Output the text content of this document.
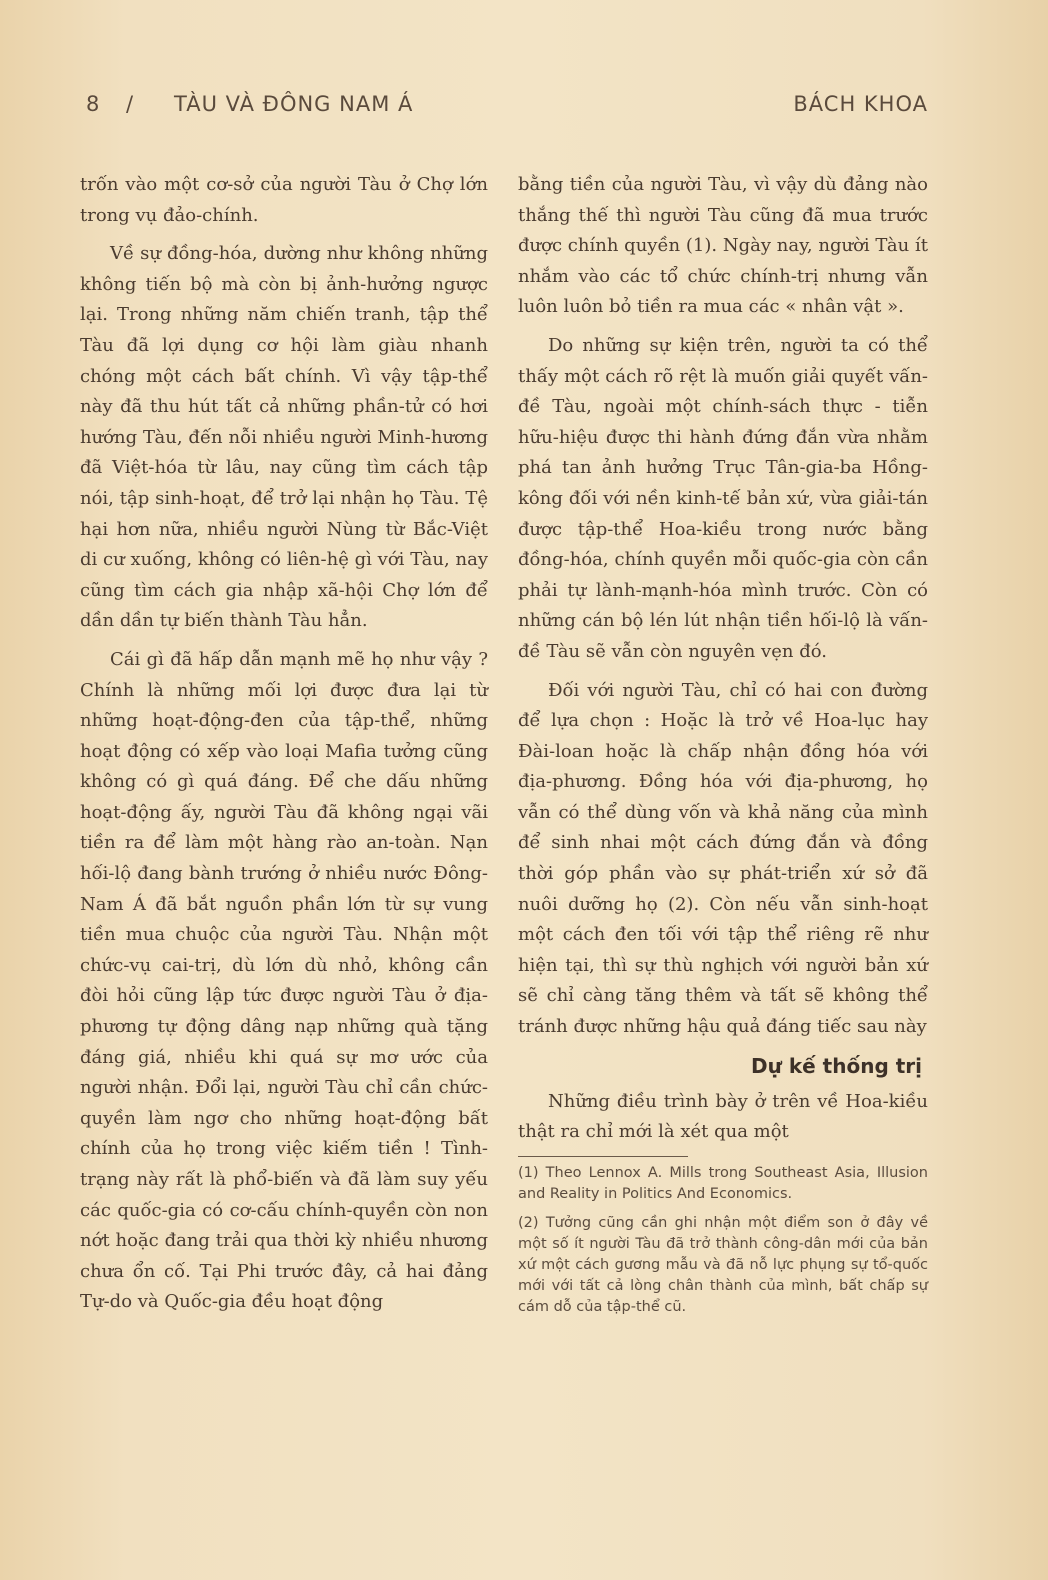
8 / TÀU VÀ ĐÔNG NAM Á	BÁCH KHOA

trốn vào một cơ-sở của người Tàu ở Chợ lớn trong vụ đảo-chính.

Về sự đồng-hóa, dường như không những không tiến bộ mà còn bị ảnh-hưởng ngược lại. Trong những năm chiến tranh, tập thể Tàu đã lợi dụng cơ hội làm giàu nhanh chóng một cách bất chính. Vì vậy tập-thể này đã thu hút tất cả những phần-tử có hơi hướng Tàu, đến nỗi nhiều người Minh-hương đã Việt-hóa từ lâu, nay cũng tìm cách tập nói, tập sinh-hoạt, để trở lại nhận họ Tàu. Tệ hại hơn nữa, nhiều người Nùng từ Bắc-Việt di cư xuống, không có liên-hệ gì với Tàu, nay cũng tìm cách gia nhập xã-hội Chợ lớn để dần dần tự biến thành Tàu hẳn.

Cái gì đã hấp dẫn mạnh mẽ họ như vậy ? Chính là những mối lợi được đưa lại từ những hoạt-động-đen của tập-thể, những hoạt động có xếp vào loại Mafia tưởng cũng không có gì quá đáng. Để che dấu những hoạt-động ấy, người Tàu đã không ngại vãi tiền ra để làm một hàng rào an-toàn. Nạn hối-lộ đang bành trướng ở nhiều nước Đông-Nam Á đã bắt nguồn phần lớn từ sự vung tiền mua chuộc của người Tàu. Nhận một chức-vụ cai-trị, dù lớn dù nhỏ, không cần đòi hỏi cũng lập tức được người Tàu ở địa-phương tự động dâng nạp những quà tặng đáng giá, nhiều khi quá sự mơ ước của người nhận. Đổi lại, người Tàu chỉ cần chức-quyền làm ngơ cho những hoạt-động bất chính của họ trong việc kiếm tiền ! Tình-trạng này rất là phổ-biến và đã làm suy yếu các quốc-gia có cơ-cấu chính-quyền còn non nớt hoặc đang trải qua thời kỳ nhiều nhương chưa ổn cố. Tại Phi trước đây, cả hai đảng Tự-do và Quốc-gia đều hoạt động

bằng tiền của người Tàu, vì vậy dù đảng nào thắng thế thì người Tàu cũng đã mua trước được chính quyền (1). Ngày nay, người Tàu ít nhắm vào các tổ chức chính-trị nhưng vẫn luôn luôn bỏ tiền ra mua các « nhân vật ».

Do những sự kiện trên, người ta có thể thấy một cách rõ rệt là muốn giải quyết vấn-đề Tàu, ngoài một chính-sách thực - tiễn hữu-hiệu được thi hành đứng đắn vừa nhằm phá tan ảnh hưởng Trục Tân-gia-ba Hồng-kông đối với nền kinh-tế bản xứ, vừa giải-tán được tập-thể Hoa-kiều trong nước bằng đồng-hóa, chính quyền mỗi quốc-gia còn cần phải tự lành-mạnh-hóa mình trước. Còn có những cán bộ lén lút nhận tiền hối-lộ là vấn-đề Tàu sẽ vẫn còn nguyên vẹn đó.

Đối với người Tàu, chỉ có hai con đường để lựa chọn : Hoặc là trở về Hoa-lục hay Đài-loan hoặc là chấp nhận đồng hóa với địa-phương. Đồng hóa với địa-phương, họ vẫn có thể dùng vốn và khả năng của mình để sinh nhai một cách đứng đắn và đồng thời góp phần vào sự phát-triển xứ sở đã nuôi dưỡng họ (2). Còn nếu vẫn sinh-hoạt một cách đen tối với tập thể riêng rẽ như hiện tại, thì sự thù nghịch với người bản xứ sẽ chỉ càng tăng thêm và tất sẽ không thể tránh được những hậu quả đáng tiếc sau này

Dự kế thống trị

Những điều trình bày ở trên về Hoa-kiều thật ra chỉ mới là xét qua một

(1) Theo Lennox A. Mills trong Southeast Asia, Illusion and Reality in Politics And Economics.

(2) Tưởng cũng cần ghi nhận một điểm son ở đây về một số ít người Tàu đã trở thành công-dân mới của bản xứ một cách gương mẫu và đã nỗ lực phụng sự tổ-quốc mới với tất cả lòng chân thành của mình, bất chấp sự cám dỗ của tập-thể cũ.
